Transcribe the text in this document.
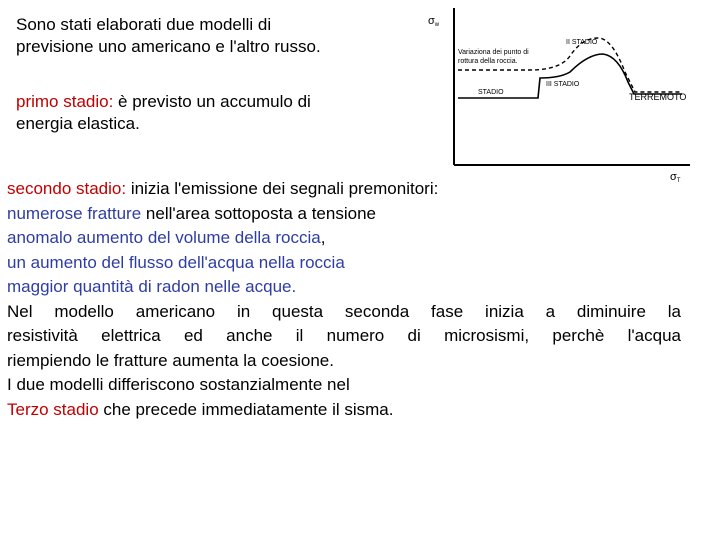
Sono stati elaborati due modelli di
previsione uno americano e l'altro russo.
primo stadio: è previsto un accumulo di
energia elastica.
σw
σT
Variaziona dei punto di
rottura della roccia.
II STADIO
III STADIO
STADIO	TERREMOTO
secondo stadio: inizia l'emissione dei segnali premonitori:
numerose fratture nell'area sottoposta a tensione
anomalo aumento del volume della roccia,
un aumento del flusso dell'acqua nella roccia
maggior quantità di radon nelle acque.
Nel modello americano in questa seconda fase inizia a diminuire la
resistività elettrica ed anche il numero di microsismi, perchè l'acqua
riempiendo le fratture aumenta la coesione.
I due modelli differiscono sostanzialmente nel
Terzo stadio che precede immediatamente il sisma.
